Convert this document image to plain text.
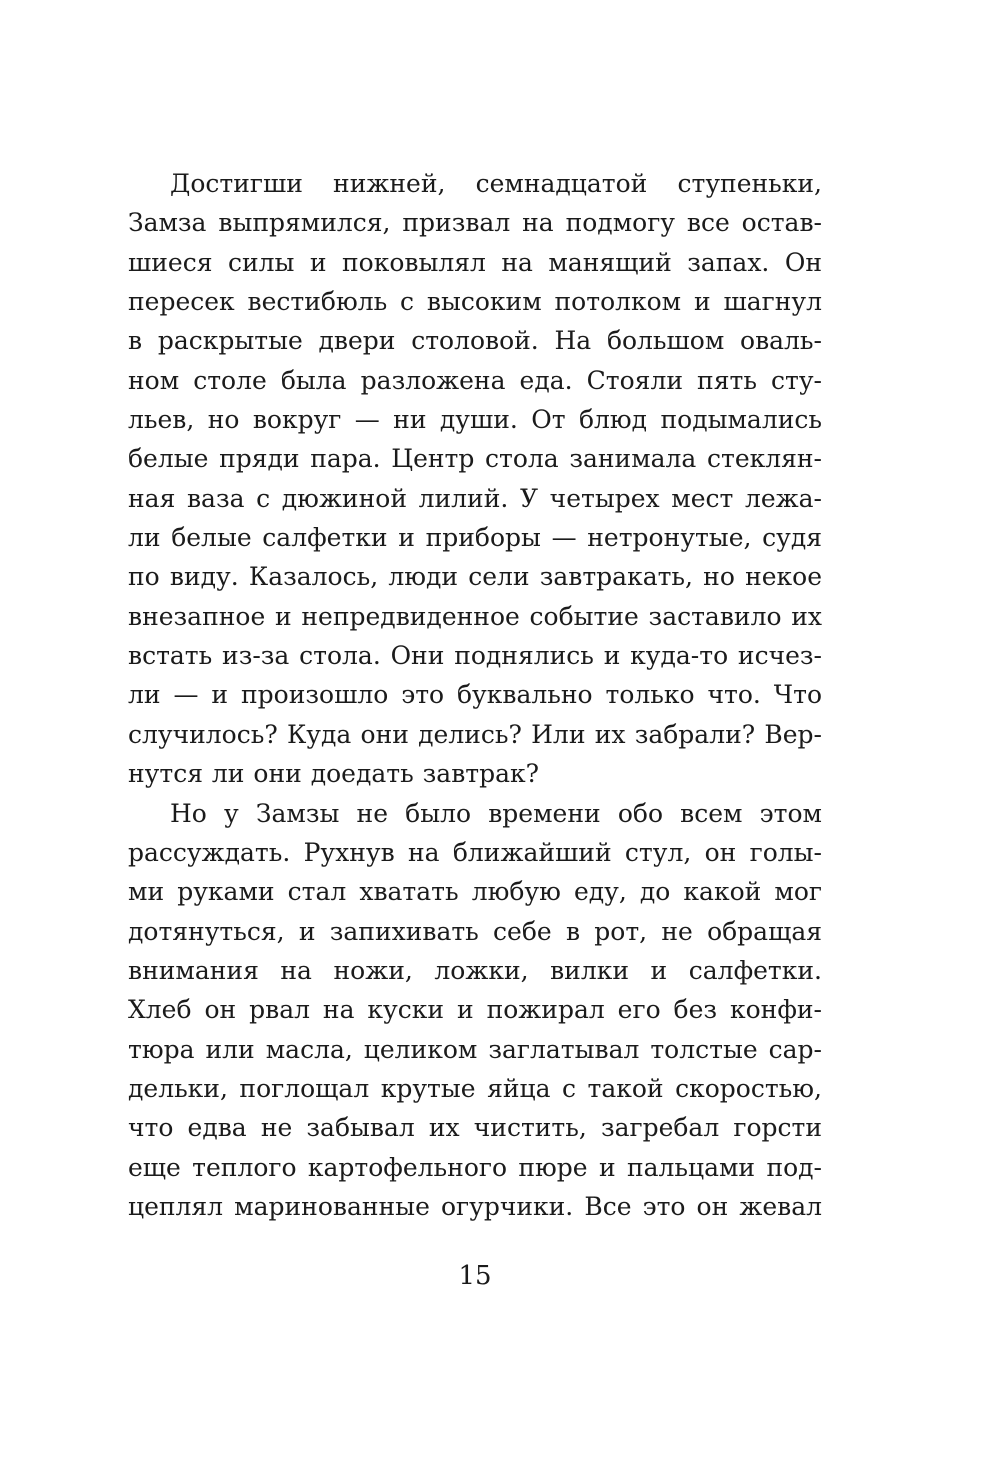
Достигши нижней, семнадцатой ступеньки,
Замза выпрямился, призвал на подмогу все остав-
шиеся силы и поковылял на манящий запах. Он
пересек вестибюль с высоким потолком и шагнул
в раскрытые двери столовой. На большом оваль-
ном столе была разложена еда. Стояли пять сту-
льев, но вокруг — ни души. От блюд подымались
белые пряди пара. Центр стола занимала стеклян-
ная ваза с дюжиной лилий. У четырех мест лежа-
ли белые салфетки и приборы — нетронутые, судя
по виду. Казалось, люди сели завтракать, но некое
внезапное и непредвиденное событие заставило их
встать из-за стола. Они поднялись и куда-то исчез-
ли — и произошло это буквально только что. Что
случилось? Куда они делись? Или их забрали? Вер-
нутся ли они доедать завтрак?
Но у Замзы не было времени обо всем этом
рассуждать. Рухнув на ближайший стул, он голы-
ми руками стал хватать любую еду, до какой мог
дотянуться, и запихивать себе в рот, не обращая
внимания на ножи, ложки, вилки и салфетки.
Хлеб он рвал на куски и пожирал его без конфи-
тюра или масла, целиком заглатывал толстые сар-
дельки, поглощал крутые яйца с такой скоростью,
что едва не забывал их чистить, загребал горсти
еще теплого картофельного пюре и пальцами под-
цеплял маринованные огурчики. Все это он жевал
15
